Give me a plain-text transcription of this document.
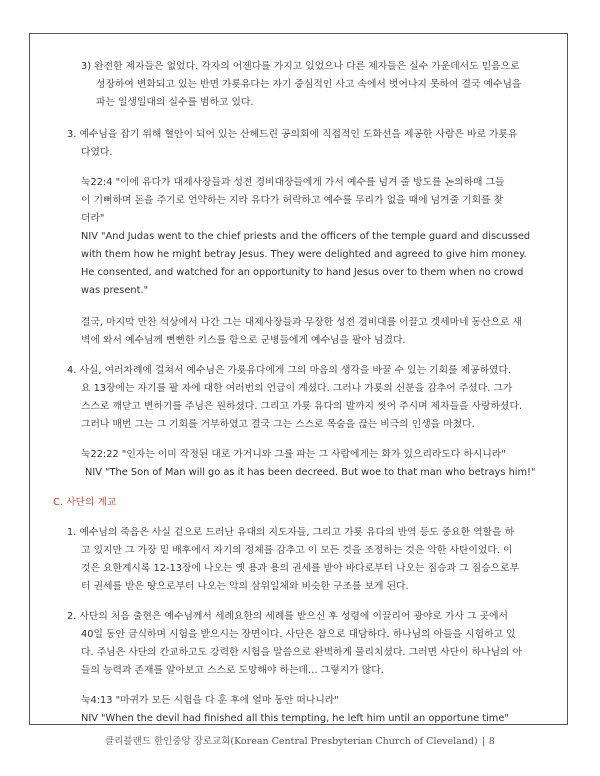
3) 완전한 제자들은 없었다. 각자의 어젠다를 가지고 있었으나 다른 제자들은 실수 가운데서도 믿음으로

성장하여 변화되고 있는 반면 가룟유다는 자기 중심적인 사고 속에서 벗어나지 못하여 결국 예수님을

파는 일생일대의 실수를 범하고 있다.

3. 예수님을 잡기 위해 혈안이 되어 있는 산헤드린 공의회에 직접적인 도화선을 제공한 사람은 바로 가룟유

다였다.

눅22:4 "이에 유다가 대제사장들과 성전 경비대장들에게 가서 예수를 넘겨 줄 방도를 논의하매 그들

이 기뻐하며 돈을 주기로 언약하는 지라 유다가 허락하고 예수를 무리가 없을 때에 넘겨줄 기회를 찾

더라"

NIV "And Judas went to the chief priests and the officers of the temple guard and discussed

with them how he might betray Jesus. They were delighted and agreed to give him money.

He consented, and watched for an opportunity to hand Jesus over to them when no crowd

was present."

결국, 마지막 만찬 석상에서 나간 그는 대제사장들과 무장한 성전 경비대를 이끌고 겟세마네 동산으로 새

벽에 와서 예수님께 뻔뻔한 키스를 함으로 군병들에게 예수님을 팔아 넘겼다.

4. 사실, 여러차례에 걸쳐서 예수님은 가룟유다에게 그의 마음의 생각을 바꿀 수 있는 기회를 제공하였다.

요 13장에는 자기를 팔 자에 대한 여러번의 언급이 계셨다. 그러나 가룟의 신분을 감추어 주셨다. 그가

스스로 깨닫고 변하기를 주님은 원하셨다. 그리고 가룟 유다의 발까지 씻어 주시며 제자들을 사랑하셨다.

그러나 매번 그는 그 기회를 거부하였고 결국 그는 스스로 목숨을 끊는 비극의 인생을 마쳤다.

눅22:22 "인자는 이미 작정된 대로 가거니와 그를 파는 그 사람에게는 화가 있으리라도다 하시니라"

NIV "The Son of Man will go as it has been decreed. But woe to that man who betrays him!"

C. 사단의 계교

1. 예수님의 죽음은 사실 겉으로 드러난 유대의 지도자들, 그리고 가룟 유다의 반역 등도 중요한 역할을 하

고 있지만 그 가장 밑 배후에서 자기의 정체를 감추고 이 모든 것을 조정하는 것은 악한 사탄이었다. 이

것은 요한계시록 12-13장에 나오는 옛 용과 용의 권세를 받아 바다로부터 나오는 짐승과 그 짐승으로부

터 권세를 받은 땅으로부터 나오는 악의 삼위일체와 비슷한 구조를 보게 된다.

2. 사단의 처음 출현은 예수님께서 세례요한의 세례를 받으신 후 성령에 이끌리어 광야로 가사 그 곳에서

40일 동안 금식하며 시험을 받으시는 장면이다. 사단은 참으로 대담하다. 하나님의 아들을 시험하고 있

다. 주님은 사단의 간교하고도 강력한 시험을 말씀으로 완벽하게 물리치셨다. 그러면 사단이 하나님의 아

들의 능력과 존재를 알아보고 스스로 도망해야 하는데… 그렇지가 않다.

눅4:13 "마귀가 모든 시험을 다 훈 후에 얼마 동안 떠나니라"

NIV "When the devil had finished all this tempting, he left him until an opportune time"

클리블랜드 한인중앙 장로교회(Korean Central Presbyterian Church of Cleveland) | 8
